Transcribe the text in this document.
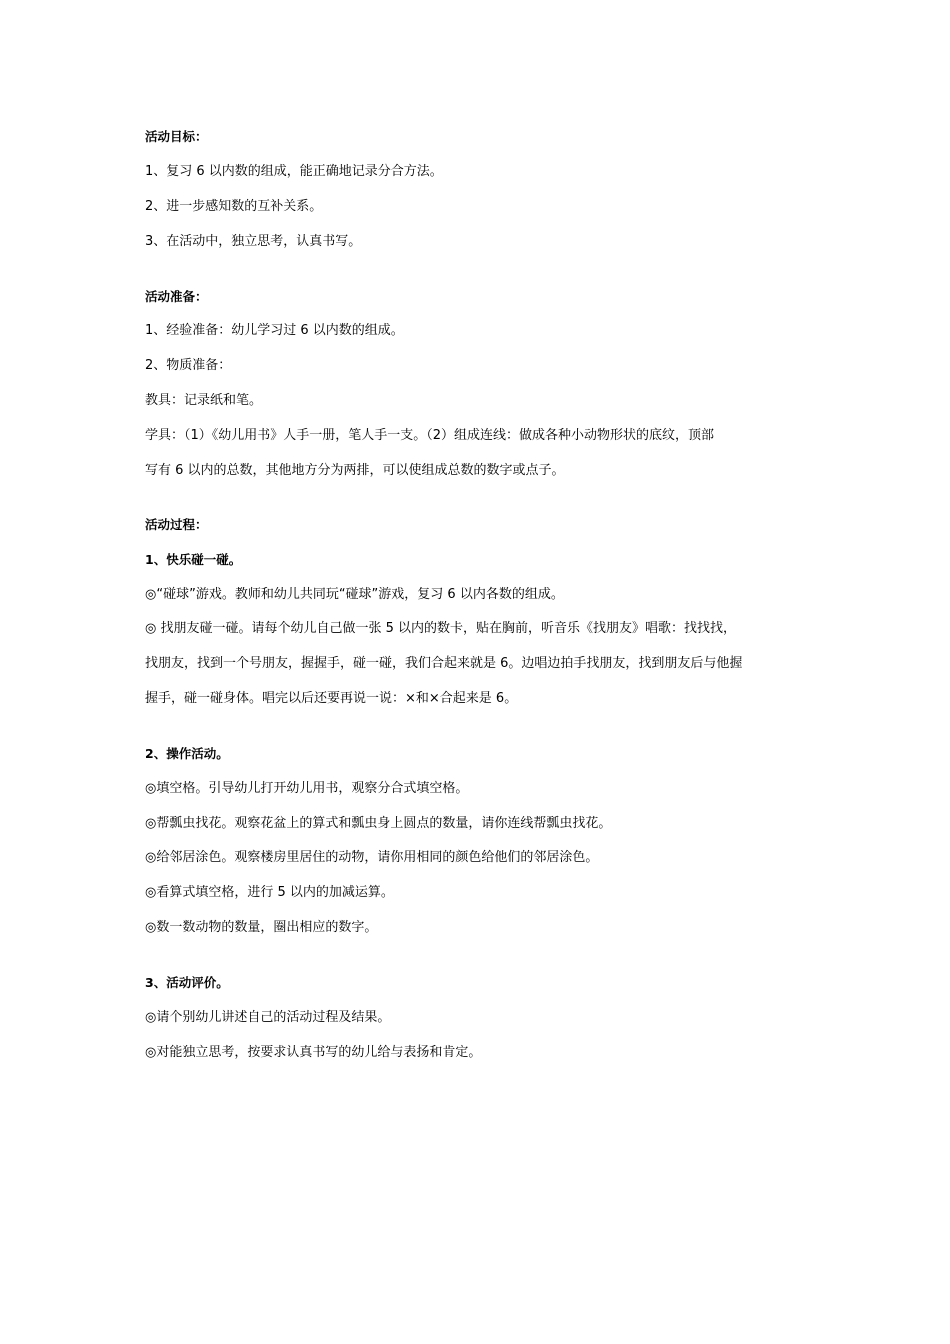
活动目标：
1、复习 6 以内数的组成，能正确地记录分合方法。
2、进一步感知数的互补关系。
3、在活动中，独立思考，认真书写。
活动准备：
1、经验准备：幼儿学习过 6 以内数的组成。
2、物质准备：
教具：记录纸和笔。
学具：（1）《幼儿用书》人手一册，笔人手一支。（2）组成连线：做成各种小动物形状的底纹，顶部
写有 6 以内的总数，其他地方分为两排，可以使组成总数的数字或点子。
活动过程：
1、快乐碰一碰。
◎“碰球”游戏。教师和幼儿共同玩“碰球”游戏，复习 6 以内各数的组成。
◎ 找朋友碰一碰。请每个幼儿自己做一张 5 以内的数卡，贴在胸前，听音乐《找朋友》唱歌：找找找，
找朋友，找到一个号朋友，握握手，碰一碰，我们合起来就是 6。边唱边拍手找朋友，找到朋友后与他握
握手，碰一碰身体。唱完以后还要再说一说：×和×合起来是 6。
2、操作活动。
◎填空格。引导幼儿打开幼儿用书，观察分合式填空格。
◎帮瓢虫找花。观察花盆上的算式和瓢虫身上圆点的数量，请你连线帮瓢虫找花。
◎给邻居涂色。观察楼房里居住的动物，请你用相同的颜色给他们的邻居涂色。
◎看算式填空格，进行 5 以内的加减运算。
◎数一数动物的数量，圈出相应的数字。
3、活动评价。
◎请个别幼儿讲述自己的活动过程及结果。
◎对能独立思考，按要求认真书写的幼儿给与表扬和肯定。
